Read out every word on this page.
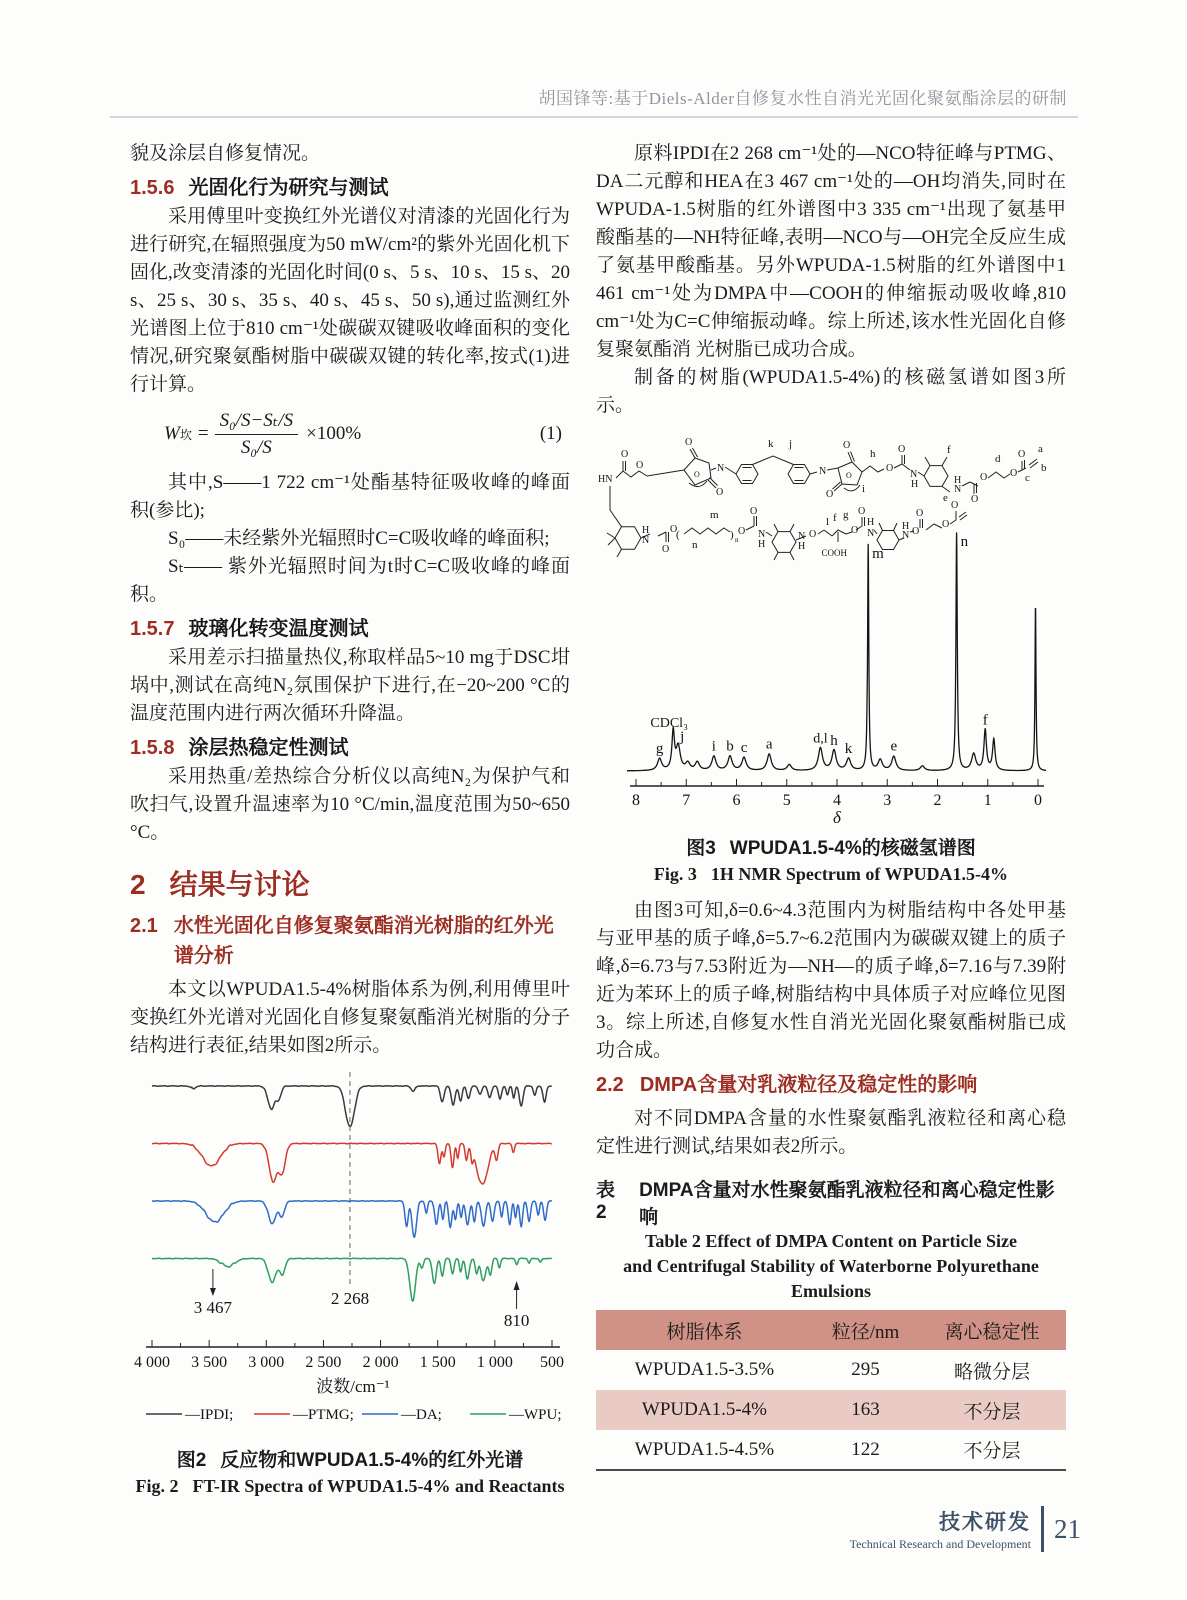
胡国锋等:基于Diels-Alder自修复水性自消光光固化聚氨酯涂层的研制

貌及涂层自修复情况。

1.5.6 光固化行为研究与测试

采用傅里叶变换红外光谱仪对清漆的光固化行为进行研究,在辐照强度为50 mW/cm²的紫外光固化机下固化,改变清漆的光固化时间(0 s、5 s、10 s、15 s、20 s、25 s、30 s、35 s、40 s、45 s、50 s),通过监测红外光谱图上位于810 cm⁻¹处碳碳双键吸收峰面积的变化情况,研究聚氨酯树脂中碳碳双键的转化率,按式(1)进行计算。

W 坎 = $\frac{\text{S₀/S−Sₜ/S}}{\text{S₀/S}} \times 100\%$	(1)

其中,S——1 722 cm⁻¹处酯基特征吸收峰的峰面积(参比);

S₀——未经紫外光辐照时C=C吸收峰的峰面积;

Sₜ—— 紫外光辐照时间为t时C=C吸收峰的峰面积。

1.5.7 玻璃化转变温度测试

采用差示扫描量热仪,称取样品5~10 mg于DSC坩埚中,测试在高纯N₂氛围保护下进行,在−20~200 °C的温度范围内进行两次循环升降温。

1.5.8 涂层热稳定性测试

采用热重/差热综合分析仪以高纯N₂为保护气和吹扫气,设置升温速率为10 °C/min,温度范围为50~650 °C。

2 结果与讨论
2.1 水性光固化自修复聚氨酯消光树脂的红外光谱分析

本文以WPUDA1.5-4%树脂体系为例,利用傅里叶变换红外光谱对光固化自修复聚氨酯消光树脂的分子结构进行表征,结果如图2所示。

3 467	2 268
810
4 000 3 500 3 000 2 500 2 000 1 500 1 000 500
波数/cm⁻¹
—IPDI;	—PTMG;	—DA;	—WPU;
图2 反应物和WPUDA1.5-4%的红外光谱
Fig. 2 FT-IR Spectra of WPUDA1.5-4% and Reactants

原料IPDI在2 268 cm⁻¹处的—NCO特征峰与PTMG、DA二元醇和HEA在3 467 cm⁻¹处的—OH均消失,同时在WPUDA-1.5树脂的红外谱图中3 335 cm⁻¹出现了氨基甲酸酯基的—NH特征峰,表明—NCO与—OH完全反应生成了氨基甲酸酯基。另外WPUDA-1.5树脂的红外谱图中1 461 cm⁻¹处为DMPA中—COOH的伸缩振动吸收峰,810 cm⁻¹处为C=C伸缩振动峰。综上所述,该水性光固化自修复聚氨酯消 光树脂已成功合成。

制备的树脂(WPUDA1.5-4%)的核磁氢谱如图3所示。

HN
O
O
O
O
N
O	N
O
O
O
O
O
N
H	H
N
O
O O
O
H
N
O
O
(	) n
O
O
N
H
N
H
O
COOH
O
O
N
H	H
N O
O
O
O
k j
h
i
f
e
d
a
b
c
m
n
l f g
g
CDCl₃
j
i b c a	d,l h
k
m
e
n
f
8	7	6	5	4	3	2	1	0
δ
图3 WPUDA1.5-4%的核磁氢谱图
Fig. 3 1H NMR Spectrum of WPUDA1.5-4%

由图3可知,δ=0.6~4.3范围内为树脂结构中各处甲基与亚甲基的质子峰,δ=5.7~6.2范围内为碳碳双键上的质子峰,δ=6.73与7.53附近为—NH—的质子峰,δ=7.16与7.39附近为苯环上的质子峰,树脂结构中具体质子对应峰位见图3。综上所述,自修复水性自消光光固化聚氨酯树脂已成功合成。

2.2 DMPA含量对乳液粒径及稳定性的影响

对不同DMPA含量的水性聚氨酯乳液粒径和离心稳定性进行测试,结果如表2所示。

表2
DMPA含量对水性聚氨酯乳液粒径和离心稳定性影响
Table 2 Effect of DMPA Content on Particle Size
and Centrifugal Stability of Waterborne Polyurethane
Emulsions
树脂体系	粒径/nm	离心稳定性
WPUDA1.5-3.5%	295	略微分层
WPUDA1.5-4%	163	不分层
WPUDA1.5-4.5%	122	不分层
技术研发
Technical Research and Development
21
